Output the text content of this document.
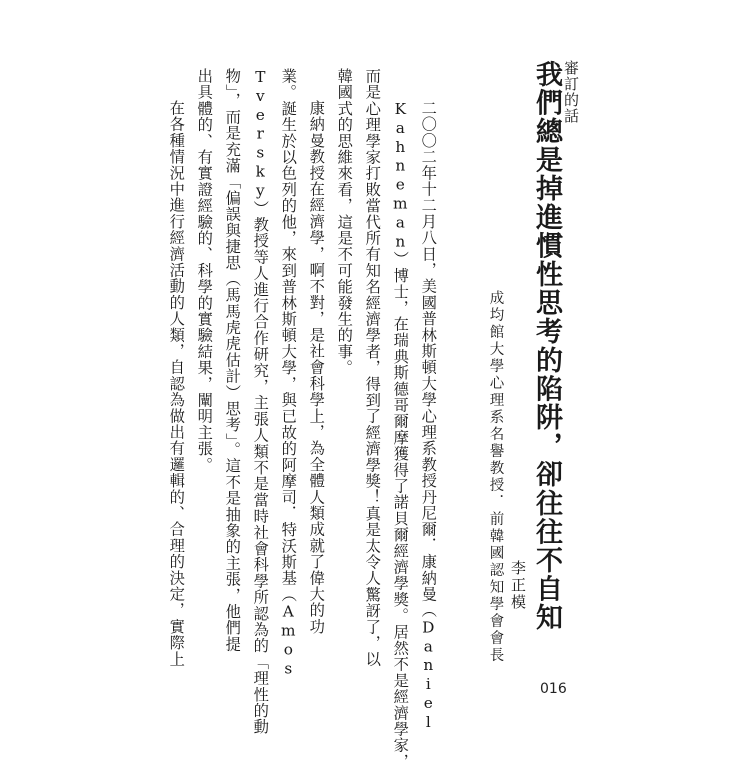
審訂的話
我們總是掉進慣性思考的陷阱，卻往往不自知
成均館大學心理系名譽教授．前韓國認知學會會長 李正模
二〇〇二年十二月八日，美國普林斯頓大學心理系教授丹尼爾．康納曼（Daniel
Kahneman）博士，在瑞典斯德哥爾摩獲得了諾貝爾經濟學獎。居然不是經濟學家，
而是心理學家打敗當代所有知名經濟學者，得到了經濟學獎！真是太令人驚訝了，以
韓國式的思維來看，這是不可能發生的事。
康納曼教授在經濟學，啊不對，是社會科學上，為全體人類成就了偉大的功
業。誕生於以色列的他，來到普林斯頓大學，與已故的阿摩司．特沃斯基（Amos
Tversky）教授等人進行合作研究，主張人類不是當時社會科學所認為的「理性的動
物」，而是充滿「偏誤與捷思（馬馬虎虎估計）思考」。這不是抽象的主張，他們提
出具體的、有實證經驗的、科學的實驗結果，闡明主張。
在各種情況中進行經濟活動的人類，自認為做出有邏輯的、合理的決定，實際上
016
